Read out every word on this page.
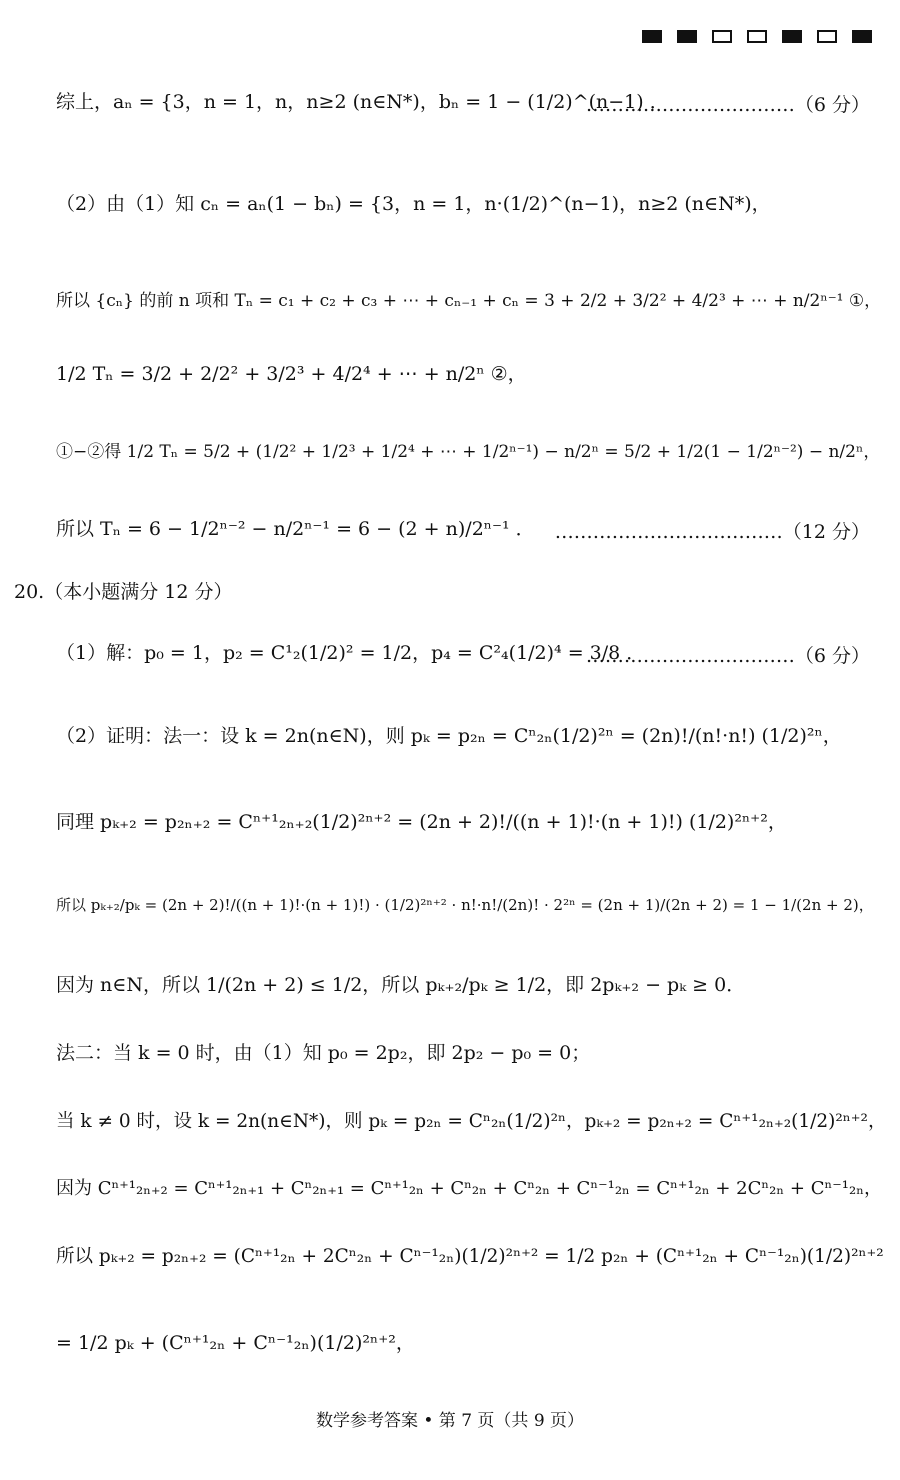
综上，aₙ = {3，n = 1，n，n≥2 (n∈N*)，bₙ = 1 − (1/2)^(n−1) ．
……………………………（6 分）
（2）由（1）知 cₙ = aₙ(1 − bₙ) = {3，n = 1，n·(1/2)^(n−1)，n≥2 (n∈N*)，
所以 {cₙ} 的前 n 项和 Tₙ = c₁ + c₂ + c₃ + ⋯ + cₙ₋₁ + cₙ = 3 + 2/2 + 3/2² + 4/2³ + ⋯ + n/2ⁿ⁻¹ ①，
1/2 Tₙ = 3/2 + 2/2² + 3/2³ + 4/2⁴ + ⋯ + n/2ⁿ ②，
①−②得 1/2 Tₙ = 5/2 + (1/2² + 1/2³ + 1/2⁴ + ⋯ + 1/2ⁿ⁻¹) − n/2ⁿ = 5/2 + 1/2(1 − 1/2ⁿ⁻²) − n/2ⁿ，
所以 Tₙ = 6 − 1/2ⁿ⁻² − n/2ⁿ⁻¹ = 6 − (2 + n)/2ⁿ⁻¹ ． ………………………………（12 分）
20.（本小题满分 12 分）
（1）解：p₀ = 1，p₂ = C¹₂(1/2)² = 1/2，p₄ = C²₄(1/2)⁴ = 3/8 ．
……………………………（6 分）
（2）证明：法一：设 k = 2n(n∈N)，则 pₖ = p₂ₙ = Cⁿ₂ₙ(1/2)²ⁿ = (2n)!/(n!·n!) (1/2)²ⁿ，
同理 pₖ₊₂ = p₂ₙ₊₂ = Cⁿ⁺¹₂ₙ₊₂(1/2)²ⁿ⁺² = (2n + 2)!/((n + 1)!·(n + 1)!) (1/2)²ⁿ⁺²，
所以 pₖ₊₂/pₖ = (2n + 2)!/((n + 1)!·(n + 1)!) · (1/2)²ⁿ⁺² · n!·n!/(2n)! · 2²ⁿ = (2n + 1)/(2n + 2) = 1 − 1/(2n + 2)，
因为 n∈N，所以 1/(2n + 2) ≤ 1/2，所以 pₖ₊₂/pₖ ≥ 1/2，即 2pₖ₊₂ − pₖ ≥ 0．
法二：当 k = 0 时，由（1）知 p₀ = 2p₂，即 2p₂ − p₀ = 0；
当 k ≠ 0 时，设 k = 2n(n∈N*)，则 pₖ = p₂ₙ = Cⁿ₂ₙ(1/2)²ⁿ，pₖ₊₂ = p₂ₙ₊₂ = Cⁿ⁺¹₂ₙ₊₂(1/2)²ⁿ⁺²，
因为 Cⁿ⁺¹₂ₙ₊₂ = Cⁿ⁺¹₂ₙ₊₁ + Cⁿ₂ₙ₊₁ = Cⁿ⁺¹₂ₙ + Cⁿ₂ₙ + Cⁿ₂ₙ + Cⁿ⁻¹₂ₙ = Cⁿ⁺¹₂ₙ + 2Cⁿ₂ₙ + Cⁿ⁻¹₂ₙ，
所以 pₖ₊₂ = p₂ₙ₊₂ = (Cⁿ⁺¹₂ₙ + 2Cⁿ₂ₙ + Cⁿ⁻¹₂ₙ)(1/2)²ⁿ⁺² = 1/2 p₂ₙ + (Cⁿ⁺¹₂ₙ + Cⁿ⁻¹₂ₙ)(1/2)²ⁿ⁺²
= 1/2 pₖ + (Cⁿ⁺¹₂ₙ + Cⁿ⁻¹₂ₙ)(1/2)²ⁿ⁺²，
数学参考答案 • 第 7 页（共 9 页）
